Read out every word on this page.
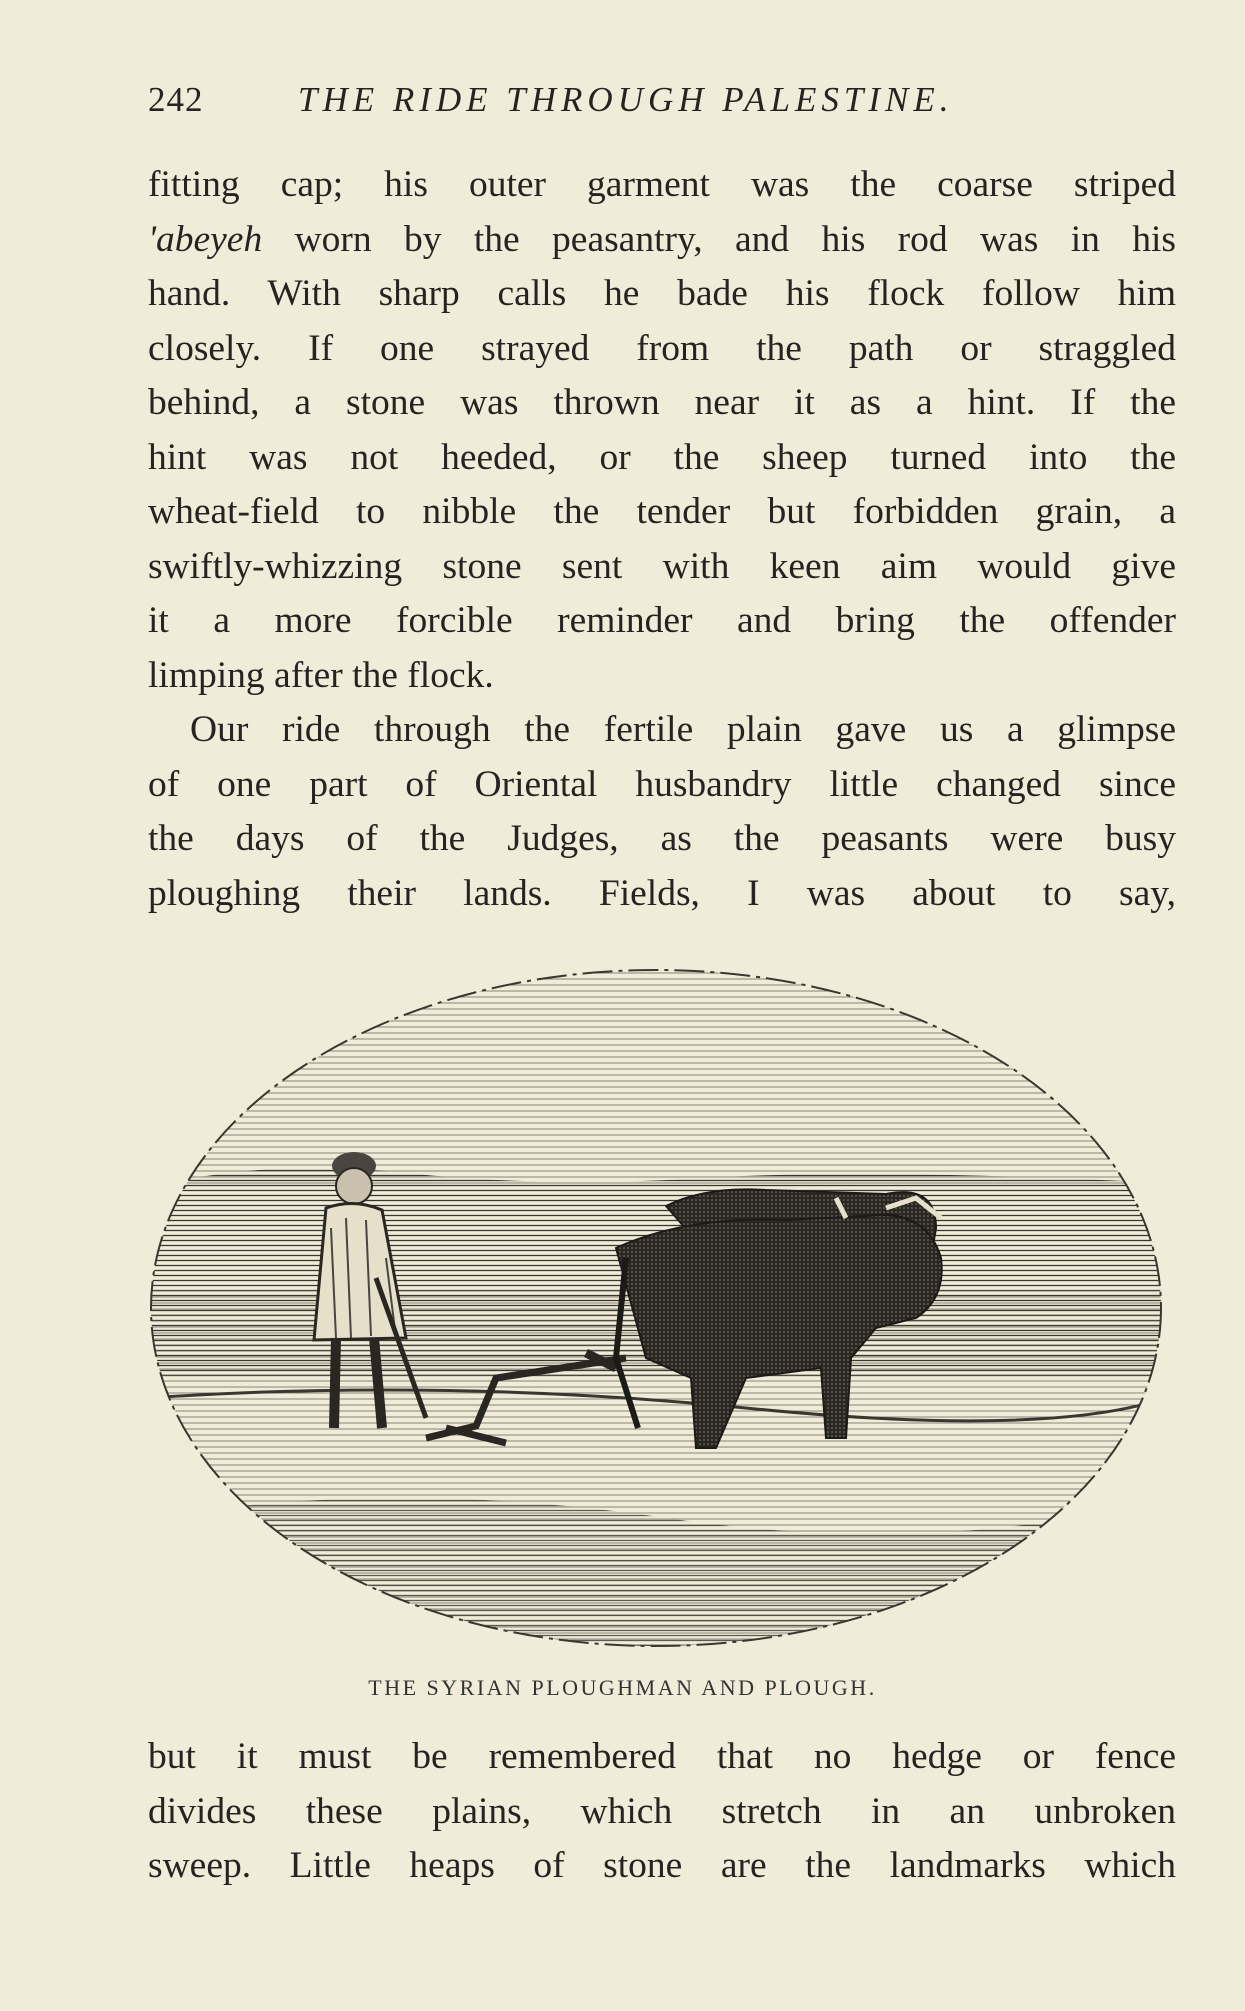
242	THE RIDE THROUGH PALESTINE.
fitting cap; his outer garment was the coarse striped
'abeyeh worn by the peasantry, and his rod was in his
hand. With sharp calls he bade his flock follow him
closely. If one strayed from the path or straggled
behind, a stone was thrown near it as a hint. If the
hint was not heeded, or the sheep turned into the
wheat-field to nibble the tender but forbidden grain, a
swiftly-whizzing stone sent with keen aim would give
it a more forcible reminder and bring the offender
limping after the flock.
Our ride through the fertile plain gave us a glimpse
of one part of Oriental husbandry little changed since
the days of the Judges, as the peasants were busy
ploughing their lands. Fields, I was about to say,
THE SYRIAN PLOUGHMAN AND PLOUGH.
but it must be remembered that no hedge or fence
divides these plains, which stretch in an unbroken
sweep. Little heaps of stone are the landmarks which
